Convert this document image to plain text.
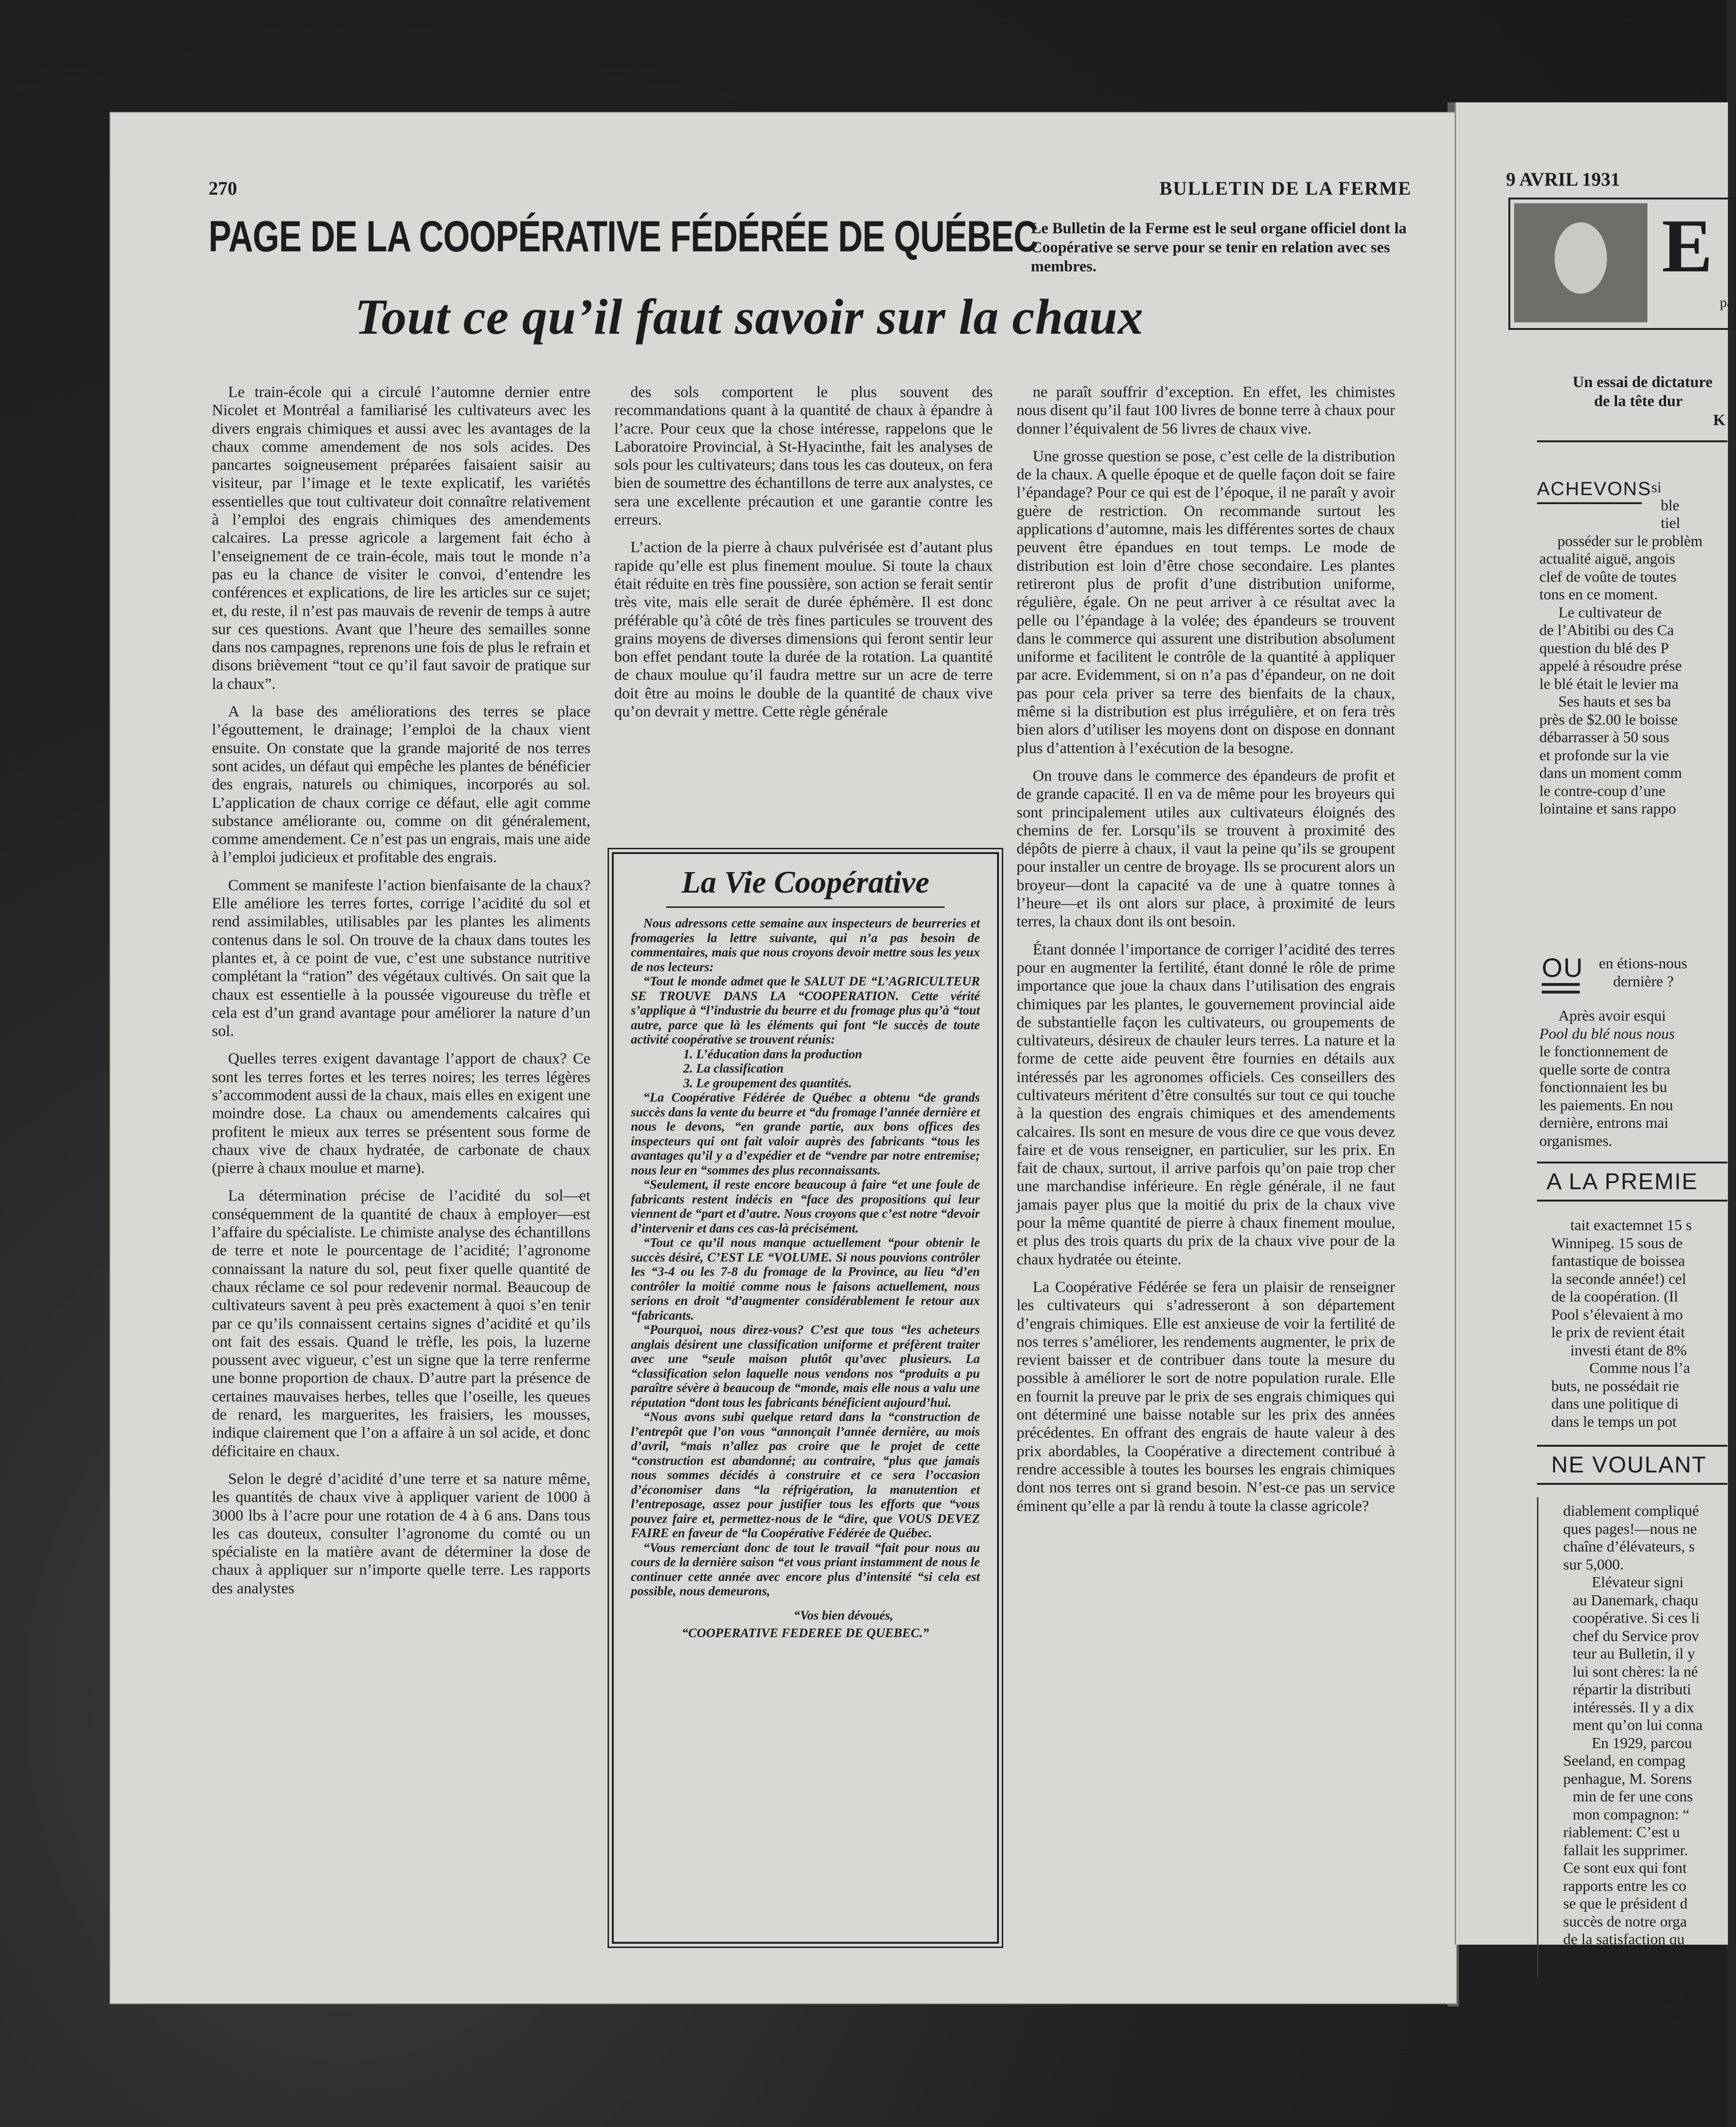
270	BULLETIN DE LA FERME
PAGE DE LA COOPÉRATIVE FÉDÉRÉE DE QUÉBEC
Le Bulletin de la Ferme est le seul organe officiel dont la Coopérative se serve pour se tenir en relation avec ses membres.
Tout ce qu’il faut savoir sur la chaux

Le train-école qui a circulé l’automne dernier entre Nicolet et Montréal a familiarisé les cultivateurs avec les divers engrais chimiques et aussi avec les avantages de la chaux comme amendement de nos sols acides. Des pancartes soigneusement préparées faisaient saisir au visiteur, par l’image et le texte explicatif, les variétés essentielles que tout cultivateur doit connaître relativement à l’emploi des engrais chimiques des amendements calcaires. La presse agricole a largement fait écho à l’enseignement de ce train-école, mais tout le monde n’a pas eu la chance de visiter le convoi, d’entendre les conférences et explications, de lire les articles sur ce sujet; et, du reste, il n’est pas mauvais de revenir de temps à autre sur ces questions. Avant que l’heure des semailles sonne dans nos campagnes, reprenons une fois de plus le refrain et disons brièvement “tout ce qu’il faut savoir de pratique sur la chaux”.

A la base des améliorations des terres se place l’égouttement, le drainage; l’emploi de la chaux vient ensuite. On constate que la grande majorité de nos terres sont acides, un défaut qui empêche les plantes de bénéficier des engrais, naturels ou chimiques, incorporés au sol. L’application de chaux corrige ce défaut, elle agit comme substance améliorante ou, comme on dit généralement, comme amendement. Ce n’est pas un engrais, mais une aide à l’emploi judicieux et profitable des engrais.

Comment se manifeste l’action bienfaisante de la chaux? Elle améliore les terres fortes, corrige l’acidité du sol et rend assimilables, utilisables par les plantes les aliments contenus dans le sol. On trouve de la chaux dans toutes les plantes et, à ce point de vue, c’est une substance nutritive complétant la “ration” des végétaux cultivés. On sait que la chaux est essentielle à la poussée vigoureuse du trèfle et cela est d’un grand avantage pour améliorer la nature d’un sol.

Quelles terres exigent davantage l’apport de chaux? Ce sont les terres fortes et les terres noires; les terres légères s’accommodent aussi de la chaux, mais elles en exigent une moindre dose. La chaux ou amendements calcaires qui profitent le mieux aux terres se présentent sous forme de chaux vive de chaux hydratée, de carbonate de chaux (pierre à chaux moulue et marne).

La détermination précise de l’acidité du sol—et conséquemment de la quantité de chaux à employer—est l’affaire du spécialiste. Le chimiste analyse des échantillons de terre et note le pourcentage de l’acidité; l’agronome connaissant la nature du sol, peut fixer quelle quantité de chaux réclame ce sol pour redevenir normal. Beaucoup de cultivateurs savent à peu près exactement à quoi s’en tenir par ce qu’ils connaissent certains signes d’acidité et qu’ils ont fait des essais. Quand le trèfle, les pois, la luzerne poussent avec vigueur, c’est un signe que la terre renferme une bonne proportion de chaux. D’autre part la présence de certaines mauvaises herbes, telles que l’oseille, les queues de renard, les marguerites, les fraisiers, les mousses, indique clairement que l’on a affaire à un sol acide, et donc déficitaire en chaux.

Selon le degré d’acidité d’une terre et sa nature même, les quantités de chaux vive à appliquer varient de 1000 à 3000 lbs à l’acre pour une rotation de 4 à 6 ans. Dans tous les cas douteux, consulter l’agronome du comté ou un spécialiste en la matière avant de déterminer la dose de chaux à appliquer sur n’importe quelle terre. Les rapports des analystes

des sols comportent le plus souvent des recommandations quant à la quantité de chaux à épandre à l’acre. Pour ceux que la chose intéresse, rappelons que le Laboratoire Provincial, à St-Hyacinthe, fait les analyses de sols pour les cultivateurs; dans tous les cas douteux, on fera bien de soumettre des échantillons de terre aux analystes, ce sera une excellente précaution et une garantie contre les erreurs.

L’action de la pierre à chaux pulvérisée est d’autant plus rapide qu’elle est plus finement moulue. Si toute la chaux était réduite en très fine poussière, son action se ferait sentir très vite, mais elle serait de durée éphémère. Il est donc préférable qu’à côté de très fines particules se trouvent des grains moyens de diverses dimensions qui feront sentir leur bon effet pendant toute la durée de la rotation. La quantité de chaux moulue qu’il faudra mettre sur un acre de terre doit être au moins le double de la quantité de chaux vive qu’on devrait y mettre. Cette règle générale

La Vie Coopérative

Nous adressons cette semaine aux inspecteurs de beurreries et fromageries la lettre suivante, qui n’a pas besoin de commentaires, mais que nous croyons devoir mettre sous les yeux de nos lecteurs:

“Tout le monde admet que le SALUT DE “L’AGRICULTEUR SE TROUVE DANS LA “COOPERATION. Cette vérité s’applique à “l’industrie du beurre et du fromage plus qu’à “tout autre, parce que là les éléments qui font “le succès de toute activité coopérative se trouvent réunis:

1. L’éducation dans la production

2. La classification

3. Le groupement des quantités.

“La Coopérative Fédérée de Québec a obtenu “de grands succès dans la vente du beurre et “du fromage l’année dernière et nous le devons, “en grande partie, aux bons offices des inspecteurs qui ont fait valoir auprès des fabricants “tous les avantages qu’il y a d’expédier et de “vendre par notre entremise; nous leur en “sommes des plus reconnaissants.

“Seulement, il reste encore beaucoup à faire “et une foule de fabricants restent indécis en “face des propositions qui leur viennent de “part et d’autre. Nous croyons que c’est notre “devoir d’intervenir et dans ces cas-là précisément.

“Tout ce qu’il nous manque actuellement “pour obtenir le succès désiré, C’EST LE “VOLUME. Si nous pouvions contrôler les “3-4 ou les 7-8 du fromage de la Province, au lieu “d’en contrôler la moitié comme nous le faisons actuellement, nous serions en droit “d’augmenter considérablement le retour aux “fabricants.

“Pourquoi, nous direz-vous? C’est que tous “les acheteurs anglais désirent une classification uniforme et préfèrent traiter avec une “seule maison plutôt qu’avec plusieurs. La “classification selon laquelle nous vendons nos “produits a pu paraître sévère à beaucoup de “monde, mais elle nous a valu une réputation “dont tous les fabricants bénéficient aujourd’hui.

“Nous avons subi quelque retard dans la “construction de l’entrepôt que l’on vous “annonçait l’année dernière, au mois d’avril, “mais n’allez pas croire que le projet de cette “construction est abandonné; au contraire, “plus que jamais nous sommes décidés à construire et ce sera l’occasion d’économiser dans “la réfrigération, la manutention et l’entreposage, assez pour justifier tous les efforts que “vous pouvez faire et, permettez-nous de le “dire, que VOUS DEVEZ FAIRE en faveur de “la Coopérative Fédérée de Québec.

“Vous remerciant donc de tout le travail “fait pour nous au cours de la dernière saison “et vous priant instamment de nous le continuer cette année avec encore plus d’intensité “si cela est possible, nous demeurons,

“Vos bien dévoués,
“COOPERATIVE FEDEREE DE QUEBEC.”

ne paraît souffrir d’exception. En effet, les chimistes nous disent qu’il faut 100 livres de bonne terre à chaux pour donner l’équivalent de 56 livres de chaux vive.

Une grosse question se pose, c’est celle de la distribution de la chaux. A quelle époque et de quelle façon doit se faire l’épandage? Pour ce qui est de l’époque, il ne paraît y avoir guère de restriction. On recommande surtout les applications d’automne, mais les différentes sortes de chaux peuvent être épandues en tout temps. Le mode de distribution est loin d’être chose secondaire. Les plantes retireront plus de profit d’une distribution uniforme, régulière, égale. On ne peut arriver à ce résultat avec la pelle ou l’épandage à la volée; des épandeurs se trouvent dans le commerce qui assurent une distribution absolument uniforme et facilitent le contrôle de la quantité à appliquer par acre. Evidemment, si on n’a pas d’épandeur, on ne doit pas pour cela priver sa terre des bienfaits de la chaux, même si la distribution est plus irrégulière, et on fera très bien alors d’utiliser les moyens dont on dispose en donnant plus d’attention à l’exécution de la besogne.

On trouve dans le commerce des épandeurs de profit et de grande capacité. Il en va de même pour les broyeurs qui sont principalement utiles aux cultivateurs éloignés des chemins de fer. Lorsqu’ils se trouvent à proximité des dépôts de pierre à chaux, il vaut la peine qu’ils se groupent pour installer un centre de broyage. Ils se procurent alors un broyeur—dont la capacité va de une à quatre tonnes à l’heure—et ils ont alors sur place, à proximité de leurs terres, la chaux dont ils ont besoin.

Étant donnée l’importance de corriger l’acidité des terres pour en augmenter la fertilité, étant donné le rôle de prime importance que joue la chaux dans l’utilisation des engrais chimiques par les plantes, le gouvernement provincial aide de substantielle façon les cultivateurs, ou groupements de cultivateurs, désireux de chauler leurs terres. La nature et la forme de cette aide peuvent être fournies en détails aux intéressés par les agronomes officiels. Ces conseillers des cultivateurs méritent d’être consultés sur tout ce qui touche à la question des engrais chimiques et des amendements calcaires. Ils sont en mesure de vous dire ce que vous devez faire et de vous renseigner, en particulier, sur les prix. En fait de chaux, surtout, il arrive parfois qu’on paie trop cher une marchandise inférieure. En règle générale, il ne faut jamais payer plus que la moitié du prix de la chaux vive pour la même quantité de pierre à chaux finement moulue, et plus des trois quarts du prix de la chaux vive pour de la chaux hydratée ou éteinte.

La Coopérative Fédérée se fera un plaisir de renseigner les cultivateurs qui s’adresseront à son département d’engrais chimiques. Elle est anxieuse de voir la fertilité de nos terres s’améliorer, les rendements augmenter, le prix de revient baisser et de contribuer dans toute la mesure du possible à améliorer le sort de notre population rurale. Elle en fournit la preuve par le prix de ses engrais chimiques qui ont déterminé une baisse notable sur les prix des années précédentes. En offrant des engrais de haute valeur à des prix abordables, la Coopérative a directement contribué à rendre accessible à toutes les bourses les engrais chimiques dont nos terres ont si grand besoin. N’est-ce pas un service éminent qu’elle a par là rendu à toute la classe agricole?

9 AVRIL 1931
E
pa
Un essai de dictature
de la tête dur
K
ACHEVONS si
ble
tiel
posséder sur le problèm
actualité aiguë, angois
clef de voûte de toutes
tons en ce moment.
Le cultivateur de
de l’Abitibi ou des Ca
question du blé des P
appelé à résoudre prése
le blé était le levier ma
Ses hauts et ses ba
près de $2.00 le boisse
débarrasser à 50 sous
et profonde sur la vie
dans un moment comm
le contre-coup d’une
lointaine et sans rappo
OU en étions-nous
dernière ?
Après avoir esqui
Pool du blé nous nous
le fonctionnement de
quelle sorte de contra
fonctionnaient les bu
les paiements. En nou
dernière, entrons mai
organismes.
A LA PREMIE
tait exactemnet 15 s
Winnipeg. 15 sous de
fantastique de boissea
la seconde année!) cel
de la coopération. (Il
Pool s’élevaient à mo
le prix de revient était
investi étant de 8%
Comme nous l’a
buts, ne possédait rie
dans une politique di
dans le temps un pot
NE VOULANT
diablement compliqué
ques pages!—nous ne
chaîne d’élévateurs, s
sur 5,000.
Elévateur signi
au Danemark, chaqu
coopérative. Si ces li
chef du Service prov
teur au Bulletin, il y
lui sont chères: la né
répartir la distributi
intéressés. Il y a dix
ment qu’on lui conna
En 1929, parcou
Seeland, en compag
penhague, M. Sorens
min de fer une cons
mon compagnon: “
riablement: C’est u
fallait les supprimer.
Ce sont eux qui font
rapports entre les co
se que le président d
succès de notre orga
de la satisfaction qu
